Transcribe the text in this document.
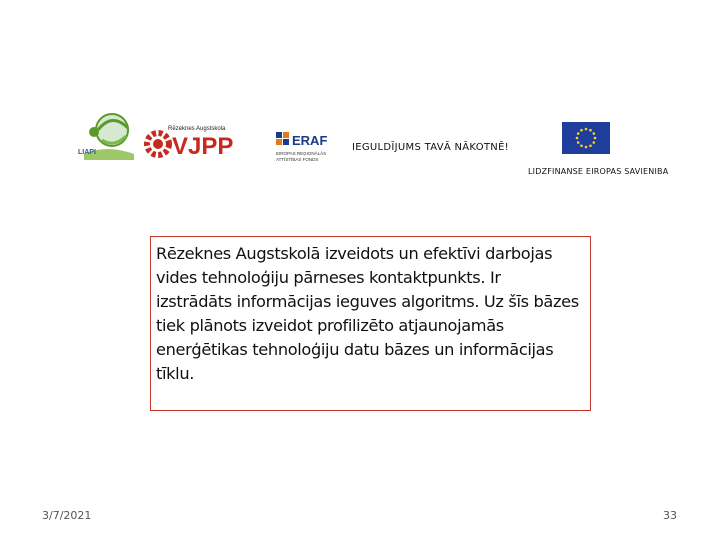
LIAPI
Rēzeknes Augstskola
VJPP	ERAF
EIROPAS REĢIONĀLĀS
ATTĪSTĪBAS FONDS
IEGULDĪJUMS TAVĀ NĀKOTNĒ!
LIDZFINANSE EIROPAS SAVIENIBA

Rēzeknes Augstskolā izveidots un efektīvi darbojas vides tehnoloģiju pārneses kontaktpunkts. Ir izstrādāts informācijas ieguves algoritms. Uz šīs bāzes tiek plānots izveidot profilizēto atjaunojamās enerģētikas tehnoloģiju datu bāzes un informācijas tīklu.

3/7/2021	33
